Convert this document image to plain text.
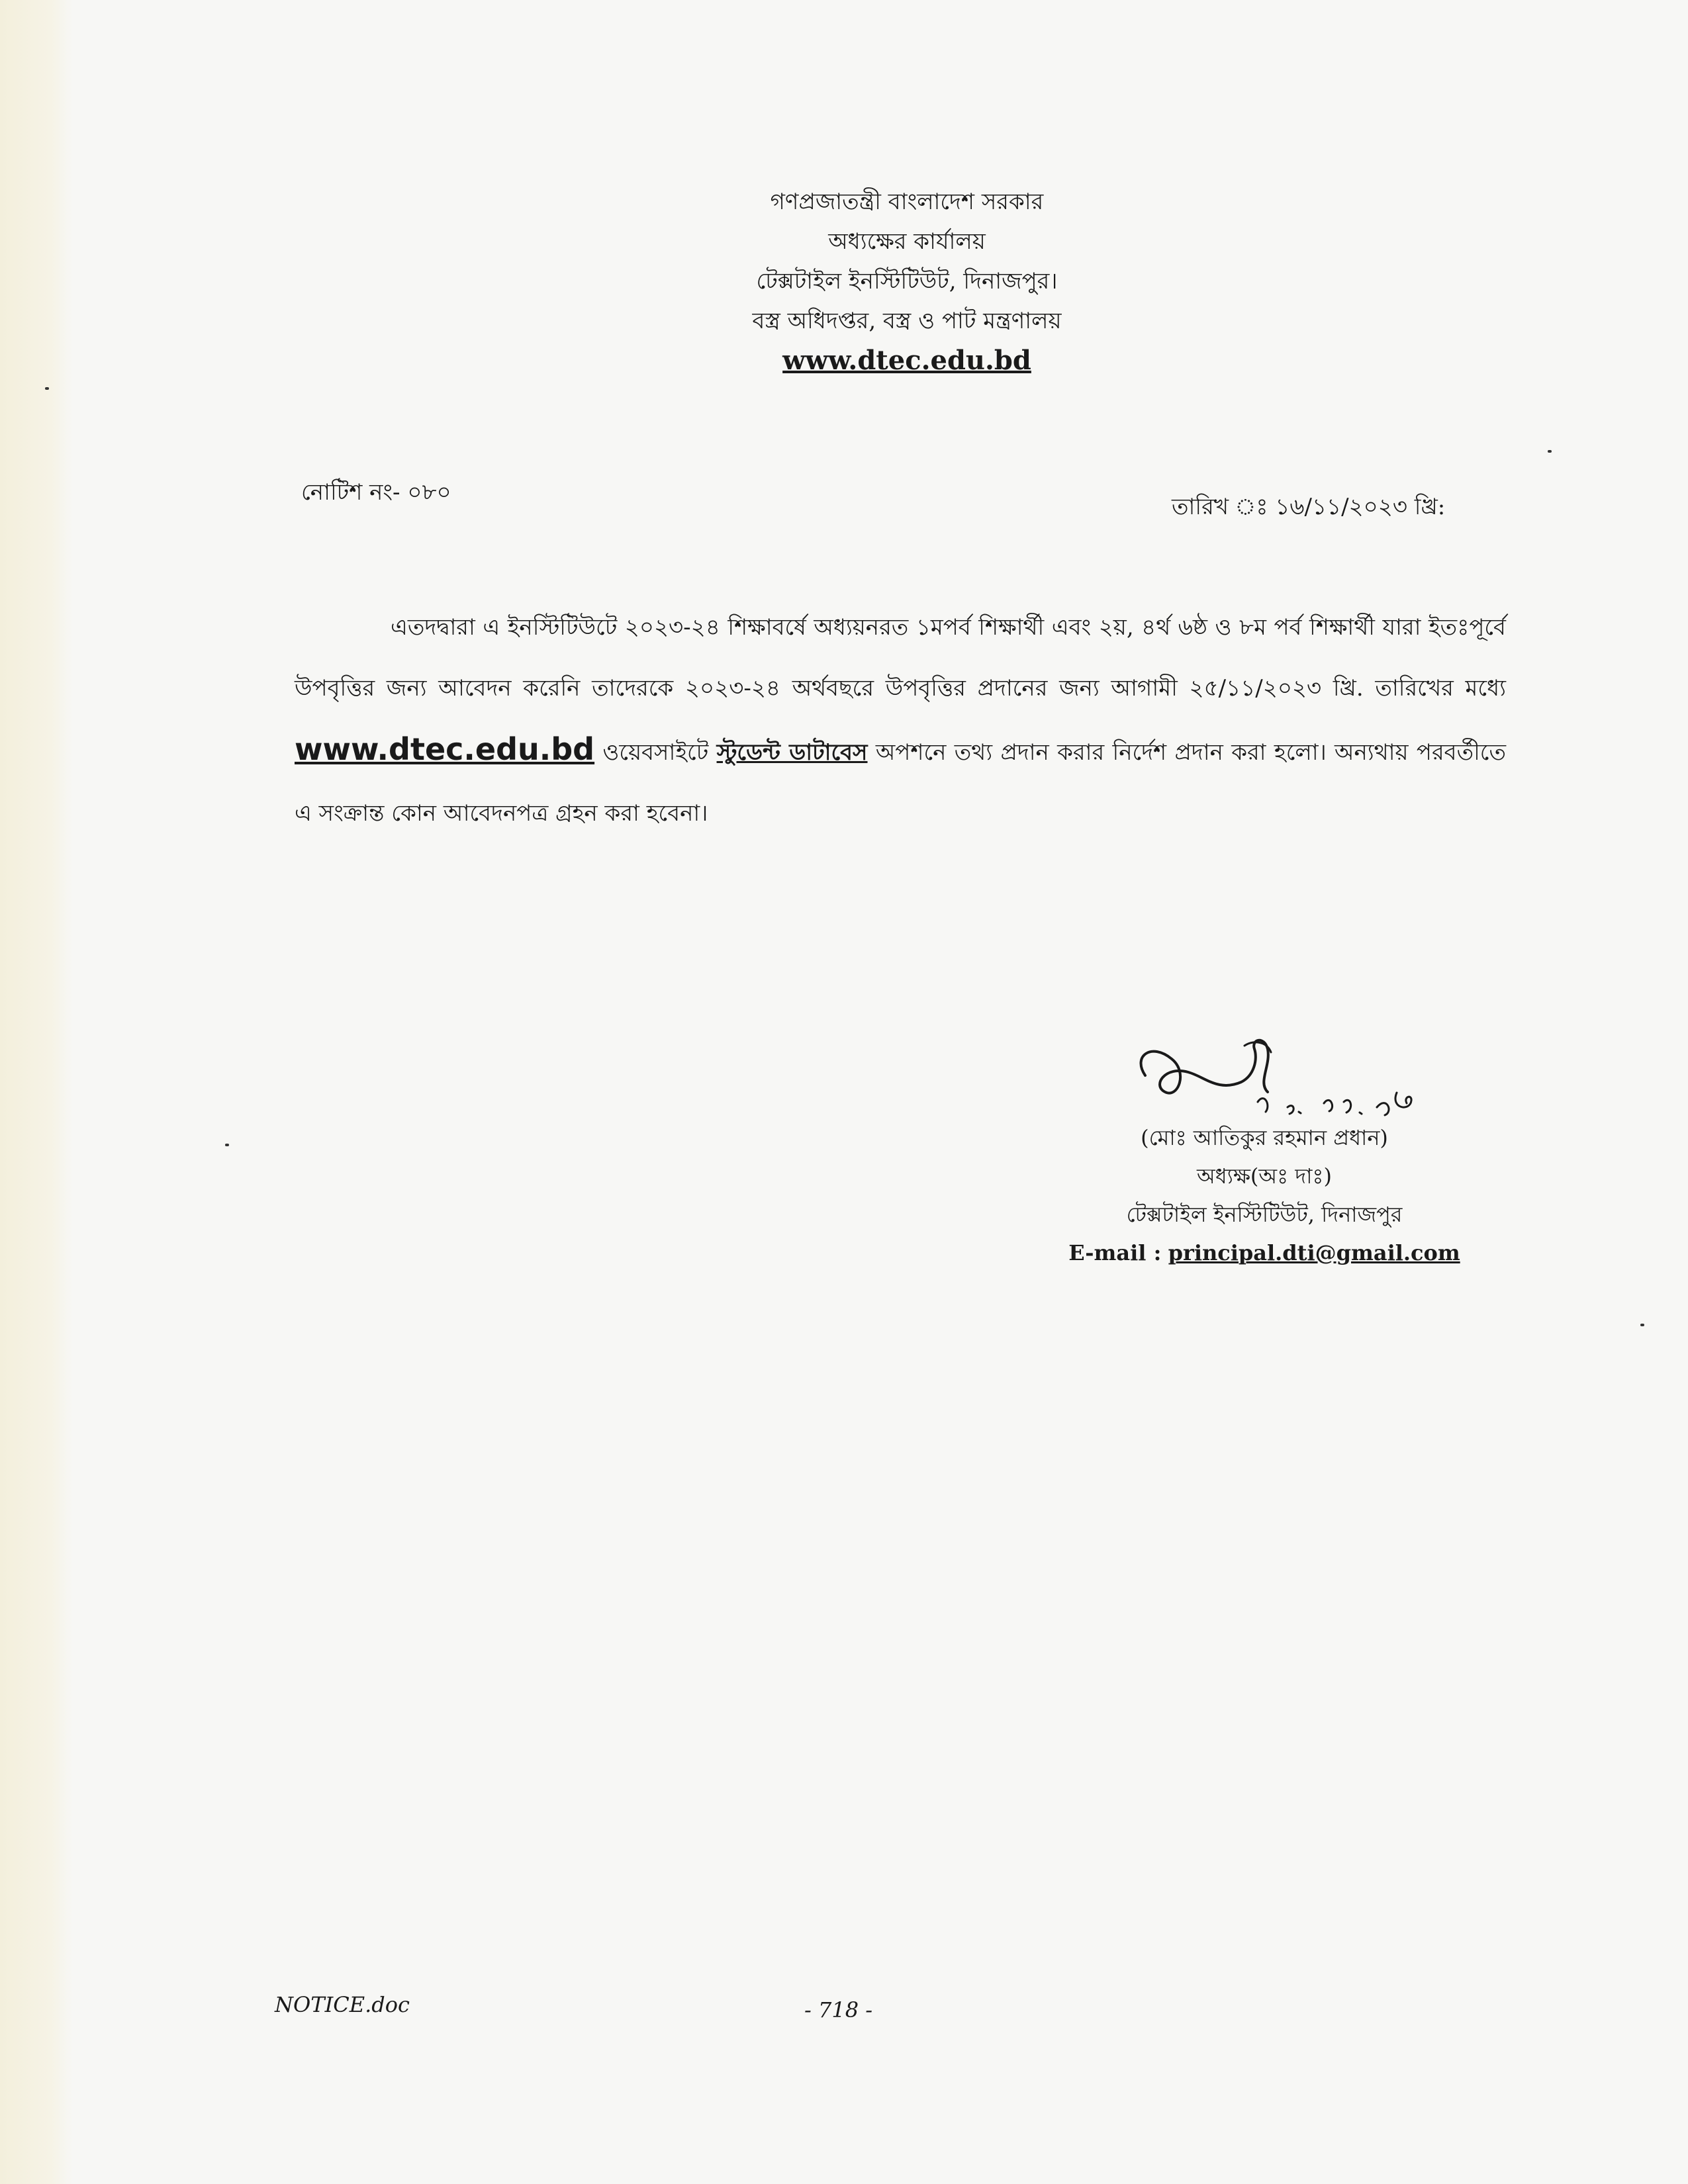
গণপ্রজাতন্ত্রী বাংলাদেশ সরকার
অধ্যক্ষের কার্যালয়
টেক্সটাইল ইনস্টিটিউট, দিনাজপুর।
বস্ত্র অধিদপ্তর, বস্ত্র ও পাট মন্ত্রণালয়
www.dtec.edu.bd
নোটিশ নং- ০৮০
তারিখ ঃ ১৬/১১/২০২৩ খ্রি:
এতদদ্বারা এ ইনস্টিটিউটে ২০২৩-২৪ শিক্ষাবর্ষে অধ্যয়নরত ১মপর্ব শিক্ষার্থী এবং ২য়, ৪র্থ ৬ষ্ঠ ও ৮ম পর্ব শিক্ষার্থী যারা ইতঃপূর্বে উপবৃত্তির জন্য আবেদন করেনি তাদেরকে ২০২৩-২৪ অর্থবছরে উপবৃত্তির প্রদানের জন্য আগামী ২৫/১১/২০২৩ খ্রি. তারিখের মধ্যে www.dtec.edu.bd ওয়েবসাইটে স্টুডেন্ট ডাটাবেস অপশনে তথ্য প্রদান করার নির্দেশ প্রদান করা হলো। অন্যথায় পরবর্তীতে এ সংক্রান্ত কোন আবেদনপত্র গ্রহন করা হবেনা।
(মোঃ আতিকুর রহমান প্রধান)
অধ্যক্ষ(অঃ দাঃ)
টেক্সটাইল ইনস্টিটিউট, দিনাজপুর
E-mail : principal.dti@gmail.com
NOTICE.doc	- 718 -
